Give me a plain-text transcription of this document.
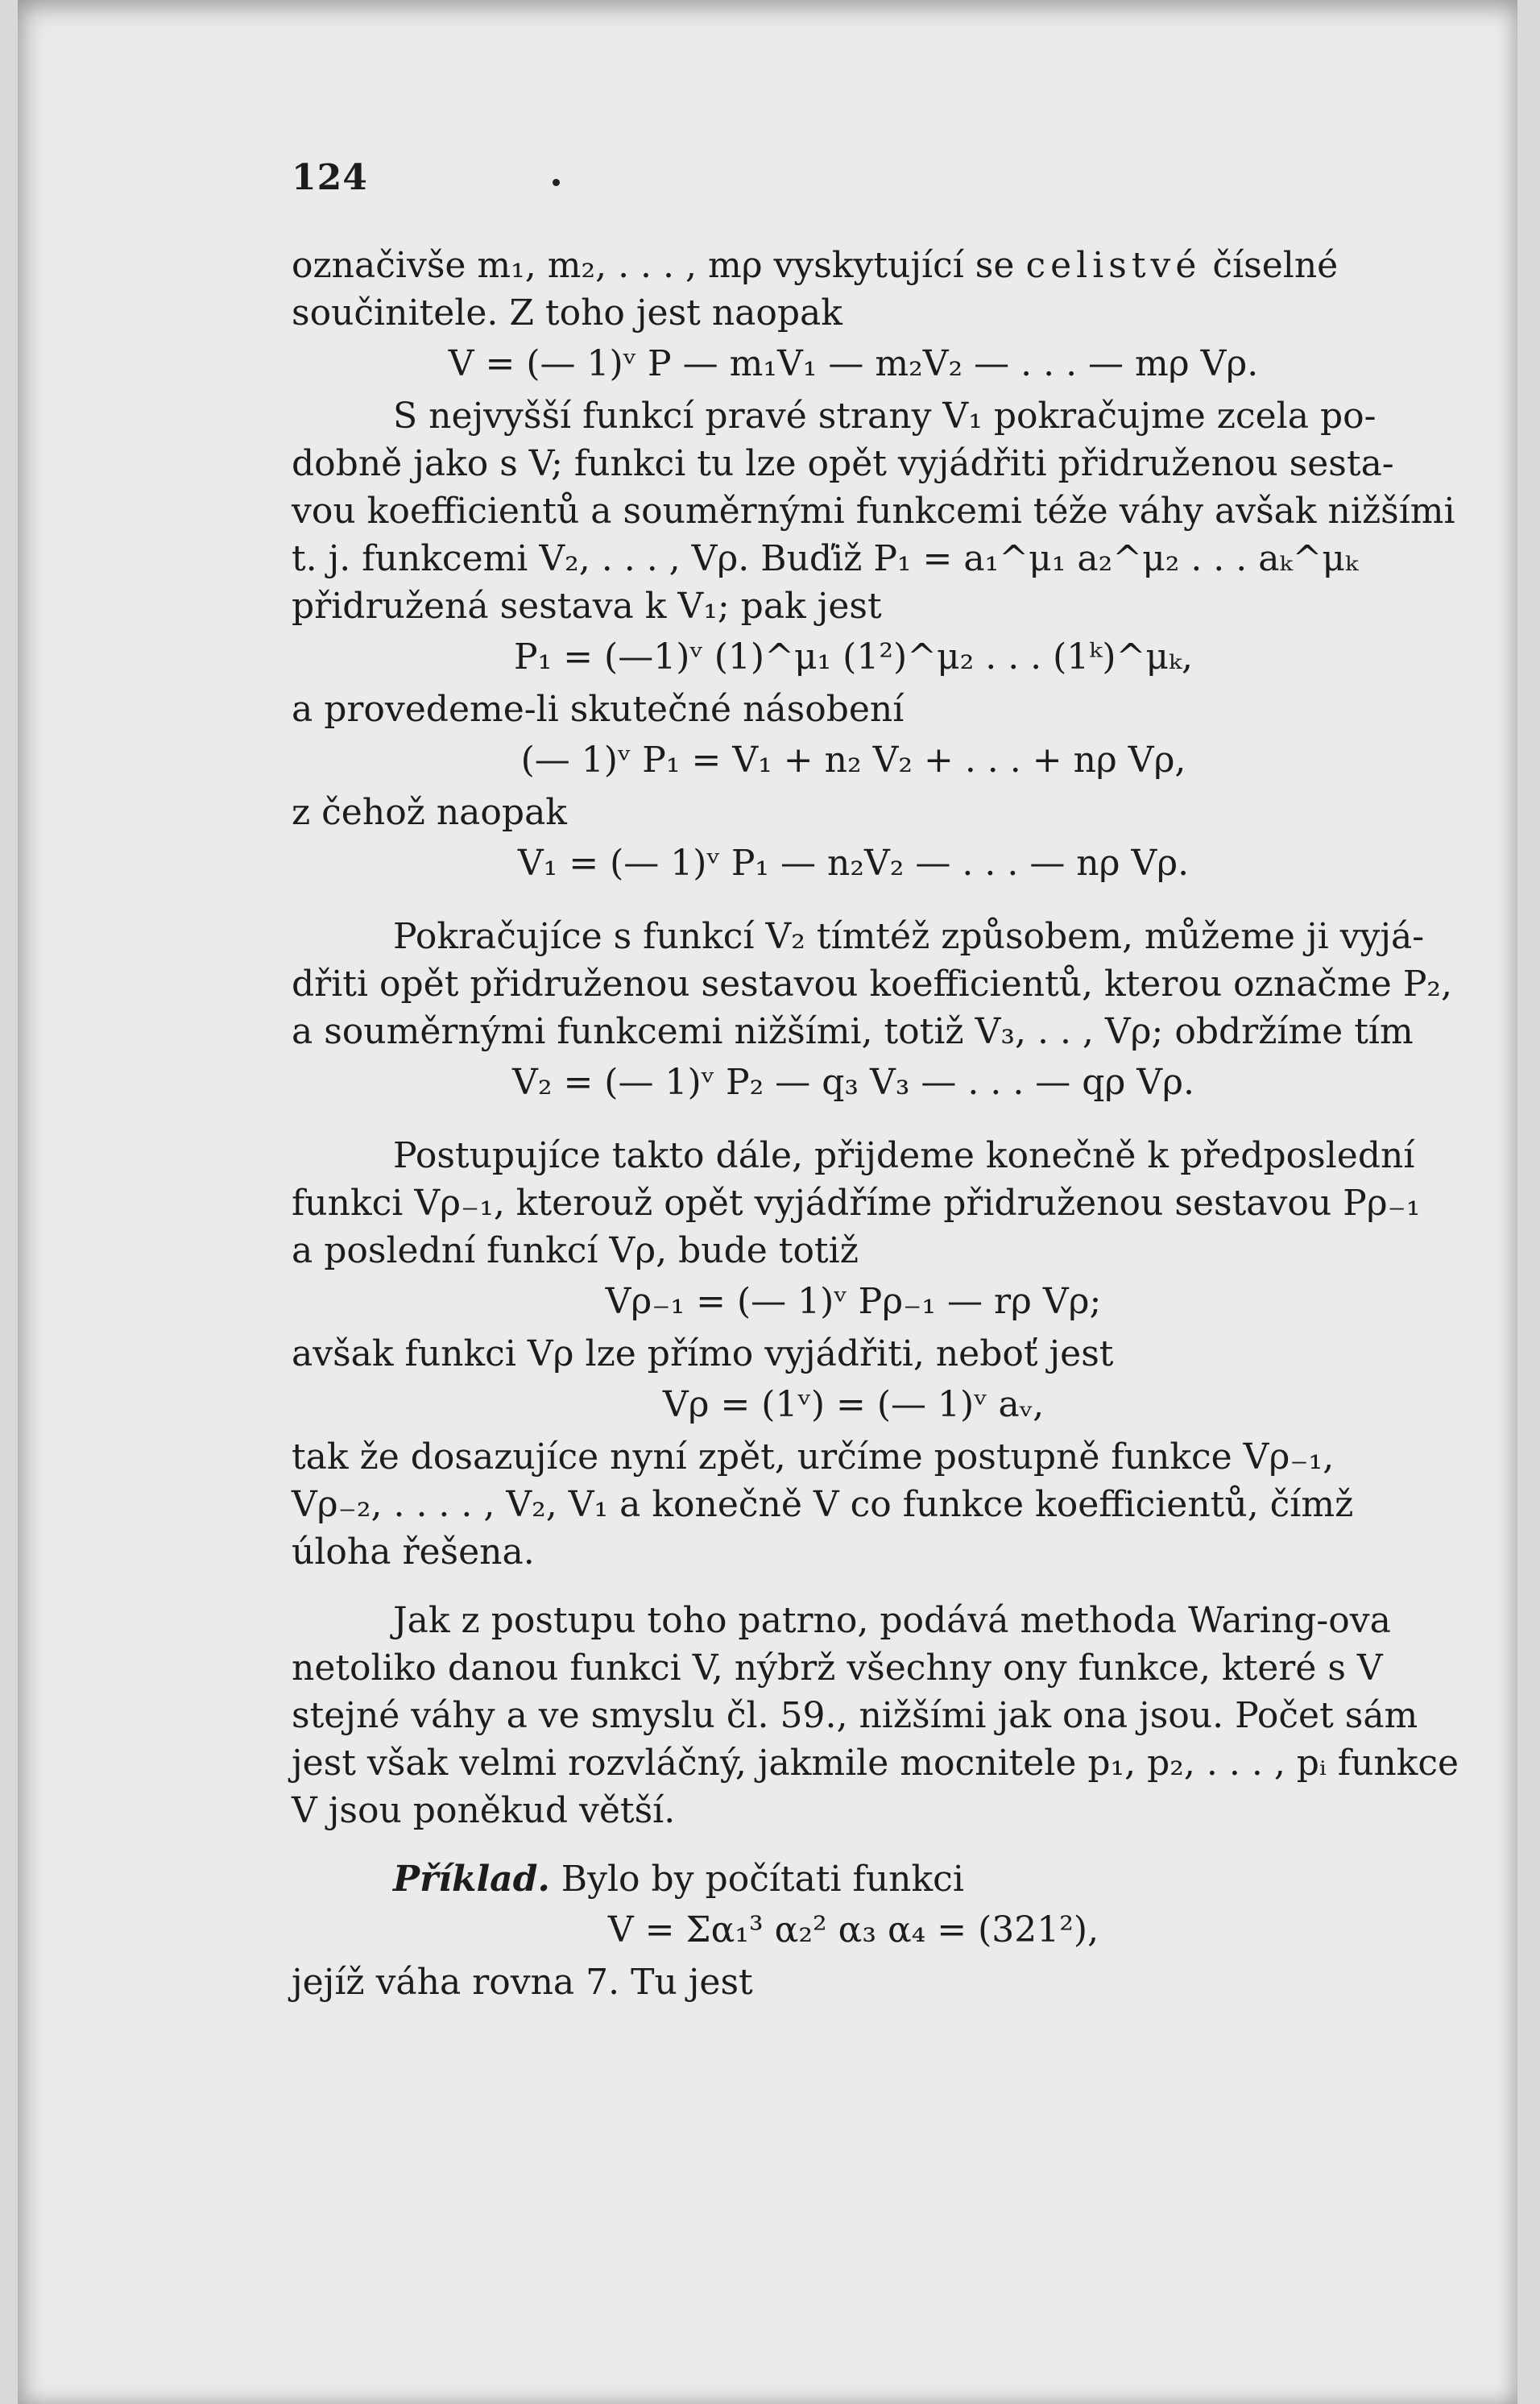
124

označivše m₁, m₂, . . . , mρ vyskytující se celistvé číselné
součinitele. Z toho jest naopak

V = (— 1)ᵛ P — m₁V₁ — m₂V₂ — . . . — mρ Vρ.

S nejvyšší funkcí pravé strany V₁ pokračujme zcela po-

dobně jako s V; funkci tu lze opět vyjádřiti přidruženou sesta-
vou koefficientů a souměrnými funkcemi téže váhy avšak nižšími
t. j. funkcemi V₂, . . . , Vρ. Buďiž P₁ = a₁^μ₁ a₂^μ₂ . . . aₖ^μₖ
přidružená sestava k V₁; pak jest

P₁ = (—1)ᵛ (1)^μ₁ (1²)^μ₂ . . . (1ᵏ)^μₖ,

a provedeme-li skutečné násobení

(— 1)ᵛ P₁ = V₁ + n₂ V₂ + . . . + nρ Vρ,

z čehož naopak

V₁ = (— 1)ᵛ P₁ — n₂V₂ — . . . — nρ Vρ.

Pokračujíce s funkcí V₂ tímtéž způsobem, můžeme ji vyjá-

dřiti opět přidruženou sestavou koefficientů, kterou označme P₂,
a souměrnými funkcemi nižšími, totiž V₃, . . , Vρ; obdržíme tím

V₂ = (— 1)ᵛ P₂ — q₃ V₃ — . . . — qρ Vρ.

Postupujíce takto dále, přijdeme konečně k předposlední

funkci Vρ₋₁, kterouž opět vyjádříme přidruženou sestavou Pρ₋₁
a poslední funkcí Vρ, bude totiž

Vρ₋₁ = (— 1)ᵛ Pρ₋₁ — rρ Vρ;

avšak funkci Vρ lze přímo vyjádřiti, neboť jest

Vρ = (1ᵛ) = (— 1)ᵛ aᵥ,

tak že dosazujíce nyní zpět, určíme postupně funkce Vρ₋₁,
Vρ₋₂, . . . . , V₂, V₁ a konečně V co funkce koefficientů, čímž
úloha řešena.

Jak z postupu toho patrno, podává methoda Waring-ova

netoliko danou funkci V, nýbrž všechny ony funkce, které s V
stejné váhy a ve smyslu čl. 59., nižšími jak ona jsou. Počet sám
jest však velmi rozvláčný, jakmile mocnitele p₁, p₂, . . . , pᵢ funkce
V jsou poněkud větší.

Příklad. Bylo by počítati funkci

V = Σα₁³ α₂² α₃ α₄ = (321²),

jejíž váha rovna 7. Tu jest
